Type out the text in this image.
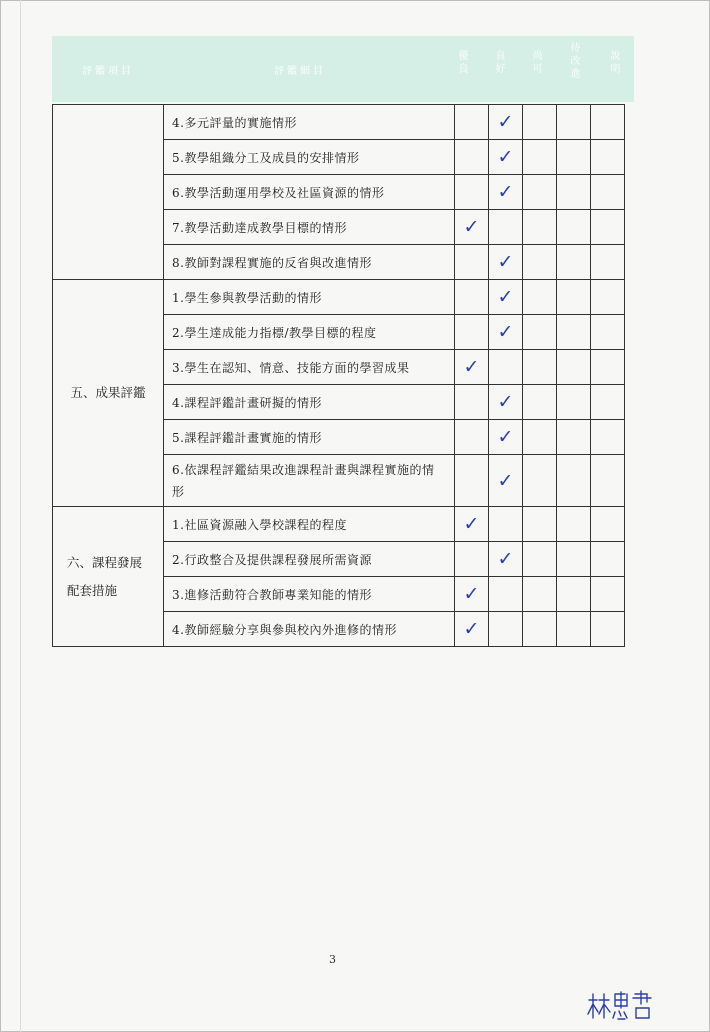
評鑑項目	評鑑細目	優良	良好	尚可	待改進	說明
	4.多元評量的實施情形		✓			
	5.教學組織分工及成員的安排情形		✓			
	6.教學活動運用學校及社區資源的情形		✓			
	7.教學活動達成教學目標的情形	✓				
	8.教師對課程實施的反省與改進情形		✓			
五、成果評鑑	1.學生參與教學活動的情形		✓			
	2.學生達成能力指標/教學目標的程度		✓			
	3.學生在認知、情意、技能方面的學習成果	✓				
	4.課程評鑑計畫研擬的情形		✓			
	5.課程評鑑計畫實施的情形		✓			
	6.依課程評鑑結果改進課程計畫與課程實施的情形		✓			
六、課程發展配套措施	1.社區資源融入學校課程的程度	✓				
	2.行政整合及提供課程發展所需資源		✓			
	3.進修活動符合教師專業知能的情形	✓				
	4.教師經驗分享與參與校內外進修的情形	✓				
3
